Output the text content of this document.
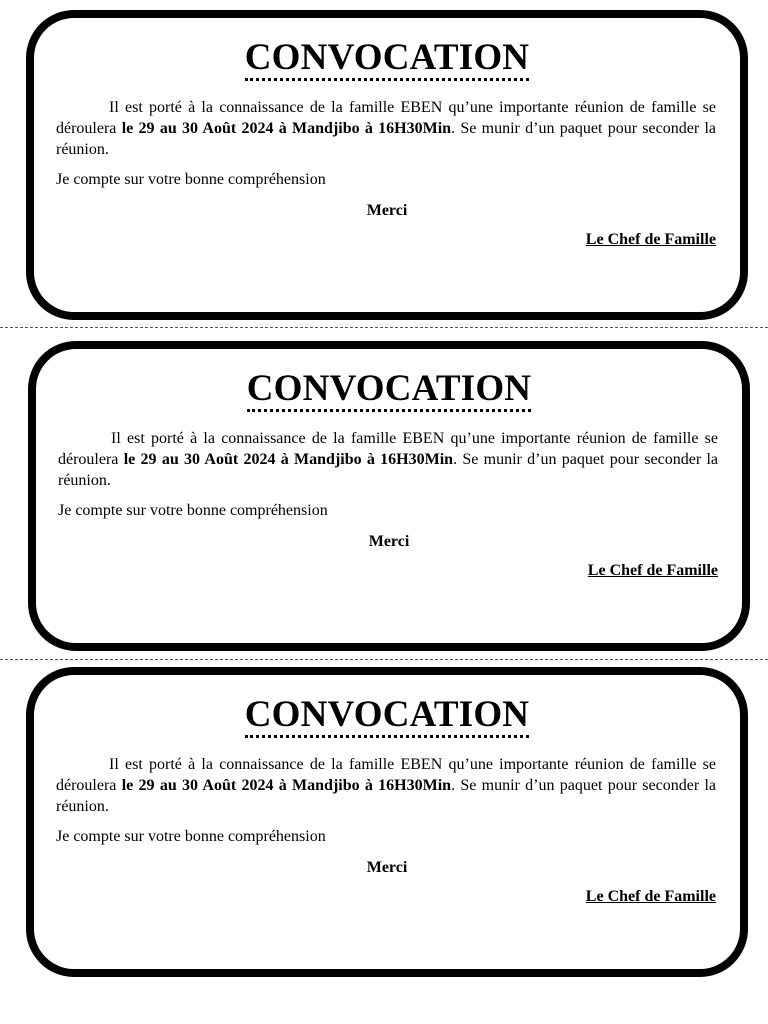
CONVOCATION

Il est porté à la connaissance de la famille EBEN qu’une importante réunion de famille se déroulera le 29 au 30 Août 2024 à Mandjibo à 16H30Min. Se munir d’un paquet pour seconder la réunion.

Je compte sur votre bonne compréhension
Merci
Le Chef de Famille
CONVOCATION

Il est porté à la connaissance de la famille EBEN qu’une importante réunion de famille se déroulera le 29 au 30 Août 2024 à Mandjibo à 16H30Min. Se munir d’un paquet pour seconder la réunion.

Je compte sur votre bonne compréhension
Merci
Le Chef de Famille
CONVOCATION

Il est porté à la connaissance de la famille EBEN qu’une importante réunion de famille se déroulera le 29 au 30 Août 2024 à Mandjibo à 16H30Min. Se munir d’un paquet pour seconder la réunion.

Je compte sur votre bonne compréhension
Merci
Le Chef de Famille
